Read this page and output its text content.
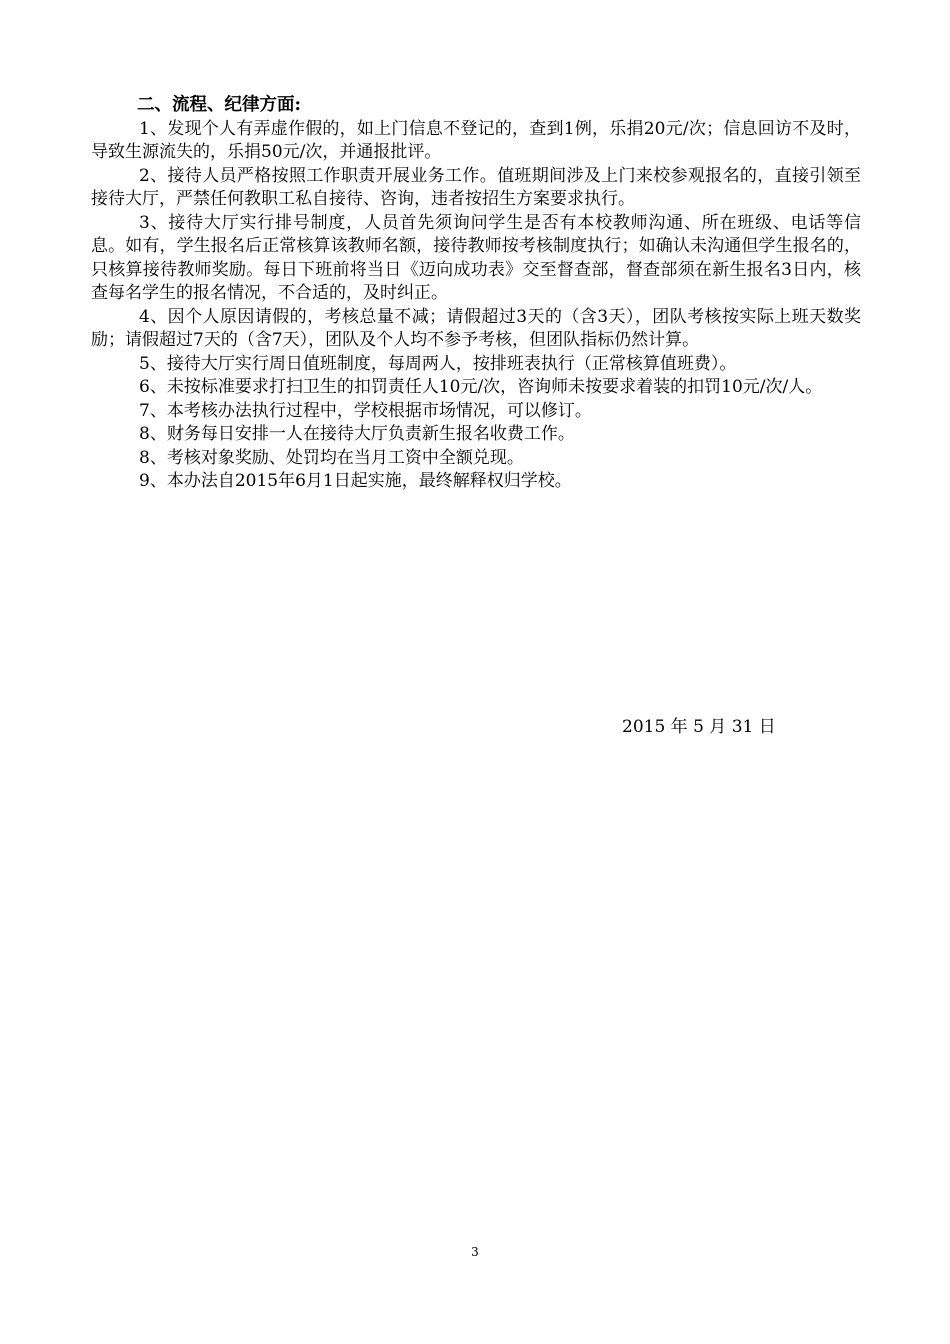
二、流程、纪律方面:

1、发现个人有弄虚作假的，如上门信息不登记的，查到1例，乐捐20元/次；信息回访不及时，导致生源流失的，乐捐50元/次，并通报批评。

2、接待人员严格按照工作职责开展业务工作。值班期间涉及上门来校参观报名的，直接引领至接待大厅，严禁任何教职工私自接待、咨询，违者按招生方案要求执行。

3、接待大厅实行排号制度，人员首先须询问学生是否有本校教师沟通、所在班级、电话等信息。如有，学生报名后正常核算该教师名额，接待教师按考核制度执行；如确认未沟通但学生报名的，只核算接待教师奖励。每日下班前将当日《迈向成功表》交至督查部，督查部须在新生报名3日内，核查每名学生的报名情况，不合适的，及时纠正。

4、因个人原因请假的，考核总量不减；请假超过3天的（含3天），团队考核按实际上班天数奖励；请假超过7天的（含7天），团队及个人均不参予考核，但团队指标仍然计算。

5、接待大厅实行周日值班制度，每周两人，按排班表执行（正常核算值班费）。

6、未按标准要求打扫卫生的扣罚责任人10元/次，咨询师未按要求着装的扣罚10元/次/人。

7、本考核办法执行过程中，学校根据市场情况，可以修订。

8、财务每日安排一人在接待大厅负责新生报名收费工作。

8、考核对象奖励、处罚均在当月工资中全额兑现。

9、本办法自2015年6月1日起实施，最终解释权归学校。

2015 年 5 月 31 日
3
